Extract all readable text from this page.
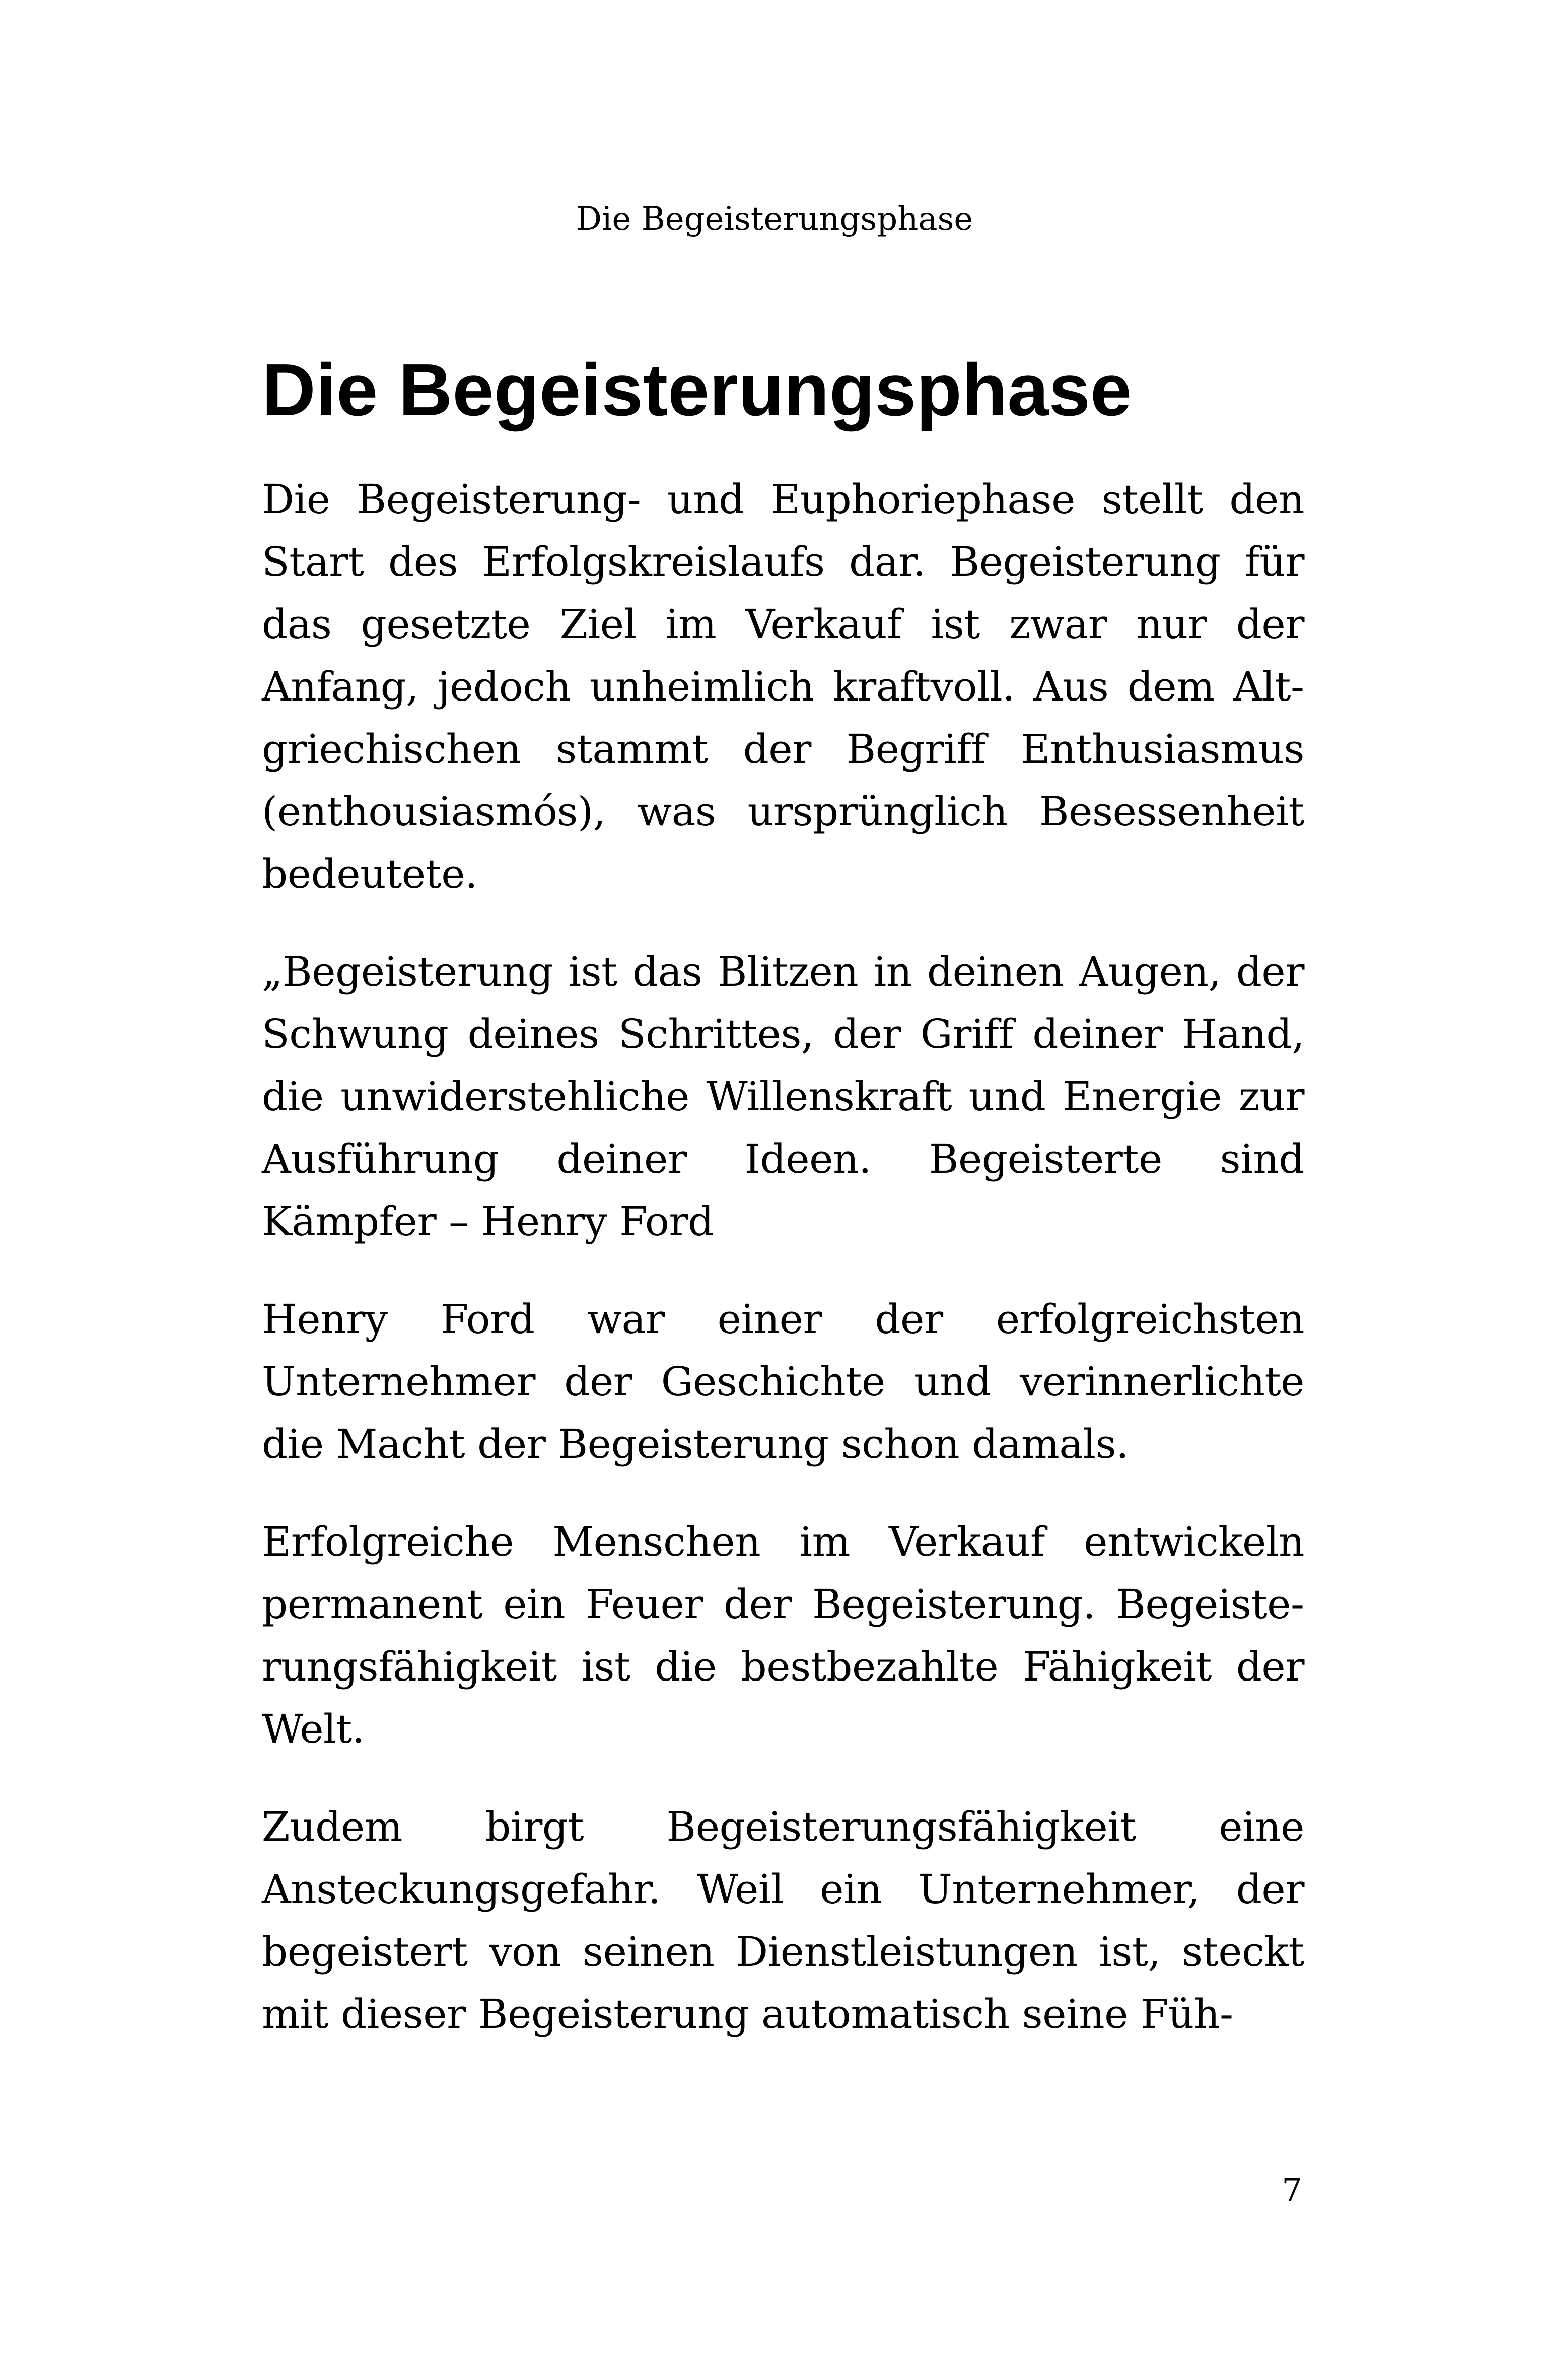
Die Begeisterungsphase
Die Begeisterungsphase

Die Begeisterung- und Euphoriephase stellt den Start des Erfolgskreislaufs dar. Begeisterung für das gesetzte Ziel im Verkauf ist zwar nur der Anfang, jedoch unheimlich kraftvoll. Aus dem Altgriechischen stammt der Begriff Enthusiasmus (enthousiasmós), was ursprünglich Besessenheit bedeutete.

„Begeisterung ist das Blitzen in deinen Augen, der Schwung deines Schrittes, der Griff deiner Hand, die unwiderstehliche Willenskraft und Energie zur Ausführung deiner Ideen. Begeisterte sind Kämpfer – Henry Ford

Henry Ford war einer der erfolgreichsten Unternehmer der Geschichte und verinnerlichte die Macht der Begeisterung schon damals.

Erfolgreiche Menschen im Verkauf entwickeln permanent ein Feuer der Begeisterung. Begeisterungsfähigkeit ist die bestbezahlte Fähigkeit der Welt.

Zudem birgt Begeisterungsfähigkeit eine Ansteckungsgefahr. Weil ein Unternehmer, der begeistert von seinen Dienstleistungen ist, steckt mit dieser Begeisterung automatisch seine Füh-

7
